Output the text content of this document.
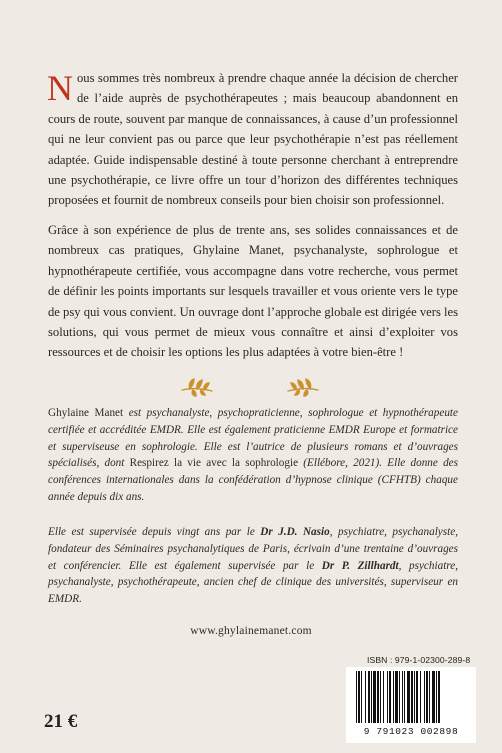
Nous sommes très nombreux à prendre chaque année la décision de chercher de l’aide auprès de psychothérapeutes ; mais beaucoup abandonnent en cours de route, souvent par manque de connaissances, à cause d’un professionnel qui ne leur convient pas ou parce que leur psychothérapie n’est pas réellement adaptée. Guide indispensable destiné à toute personne cherchant à entreprendre une psychothérapie, ce livre offre un tour d’horizon des différentes techniques proposées et fournit de nombreux conseils pour bien choisir son professionnel.

Grâce à son expérience de plus de trente ans, ses solides connaissances et de nombreux cas pratiques, Ghylaine Manet, psychanalyste, sophrologue et hypnothérapeute certifiée, vous accompagne dans votre recherche, vous permet de définir les points importants sur lesquels travailler et vous oriente vers le type de psy qui vous convient. Un ouvrage dont l’approche globale est dirigée vers les solutions, qui vous permet de mieux vous connaître et ainsi d’exploiter vos ressources et de choisir les options les plus adaptées à votre bien-être !

Ghylaine Manet est psychanalyste, psychopraticienne, sophrologue et hypnothérapeute certifiée et accréditée EMDR. Elle est également praticienne EMDR Europe et formatrice et superviseuse en sophrologie. Elle est l’autrice de plusieurs romans et d’ouvrages spécialisés, dont Respirez la vie avec la sophrologie (Ellébore, 2021). Elle donne des conférences internationales dans la confédération d’hypnose clinique (CFHTB) chaque année depuis dix ans.

Elle est supervisée depuis vingt ans par le Dr J.D. Nasio, psychiatre, psychanalyste, fondateur des Séminaires psychanalytiques de Paris, écrivain d’une trentaine d’ouvrages et conférencier. Elle est également supervisée par le Dr P. Zillhardt, psychiatre, psychanalyste, psychothérapeute, ancien chef de clinique des universités, superviseur en EMDR.

www.ghylainemanet.com
ISBN : 979-1-02300-289-8
9 791023 002898
21 €
